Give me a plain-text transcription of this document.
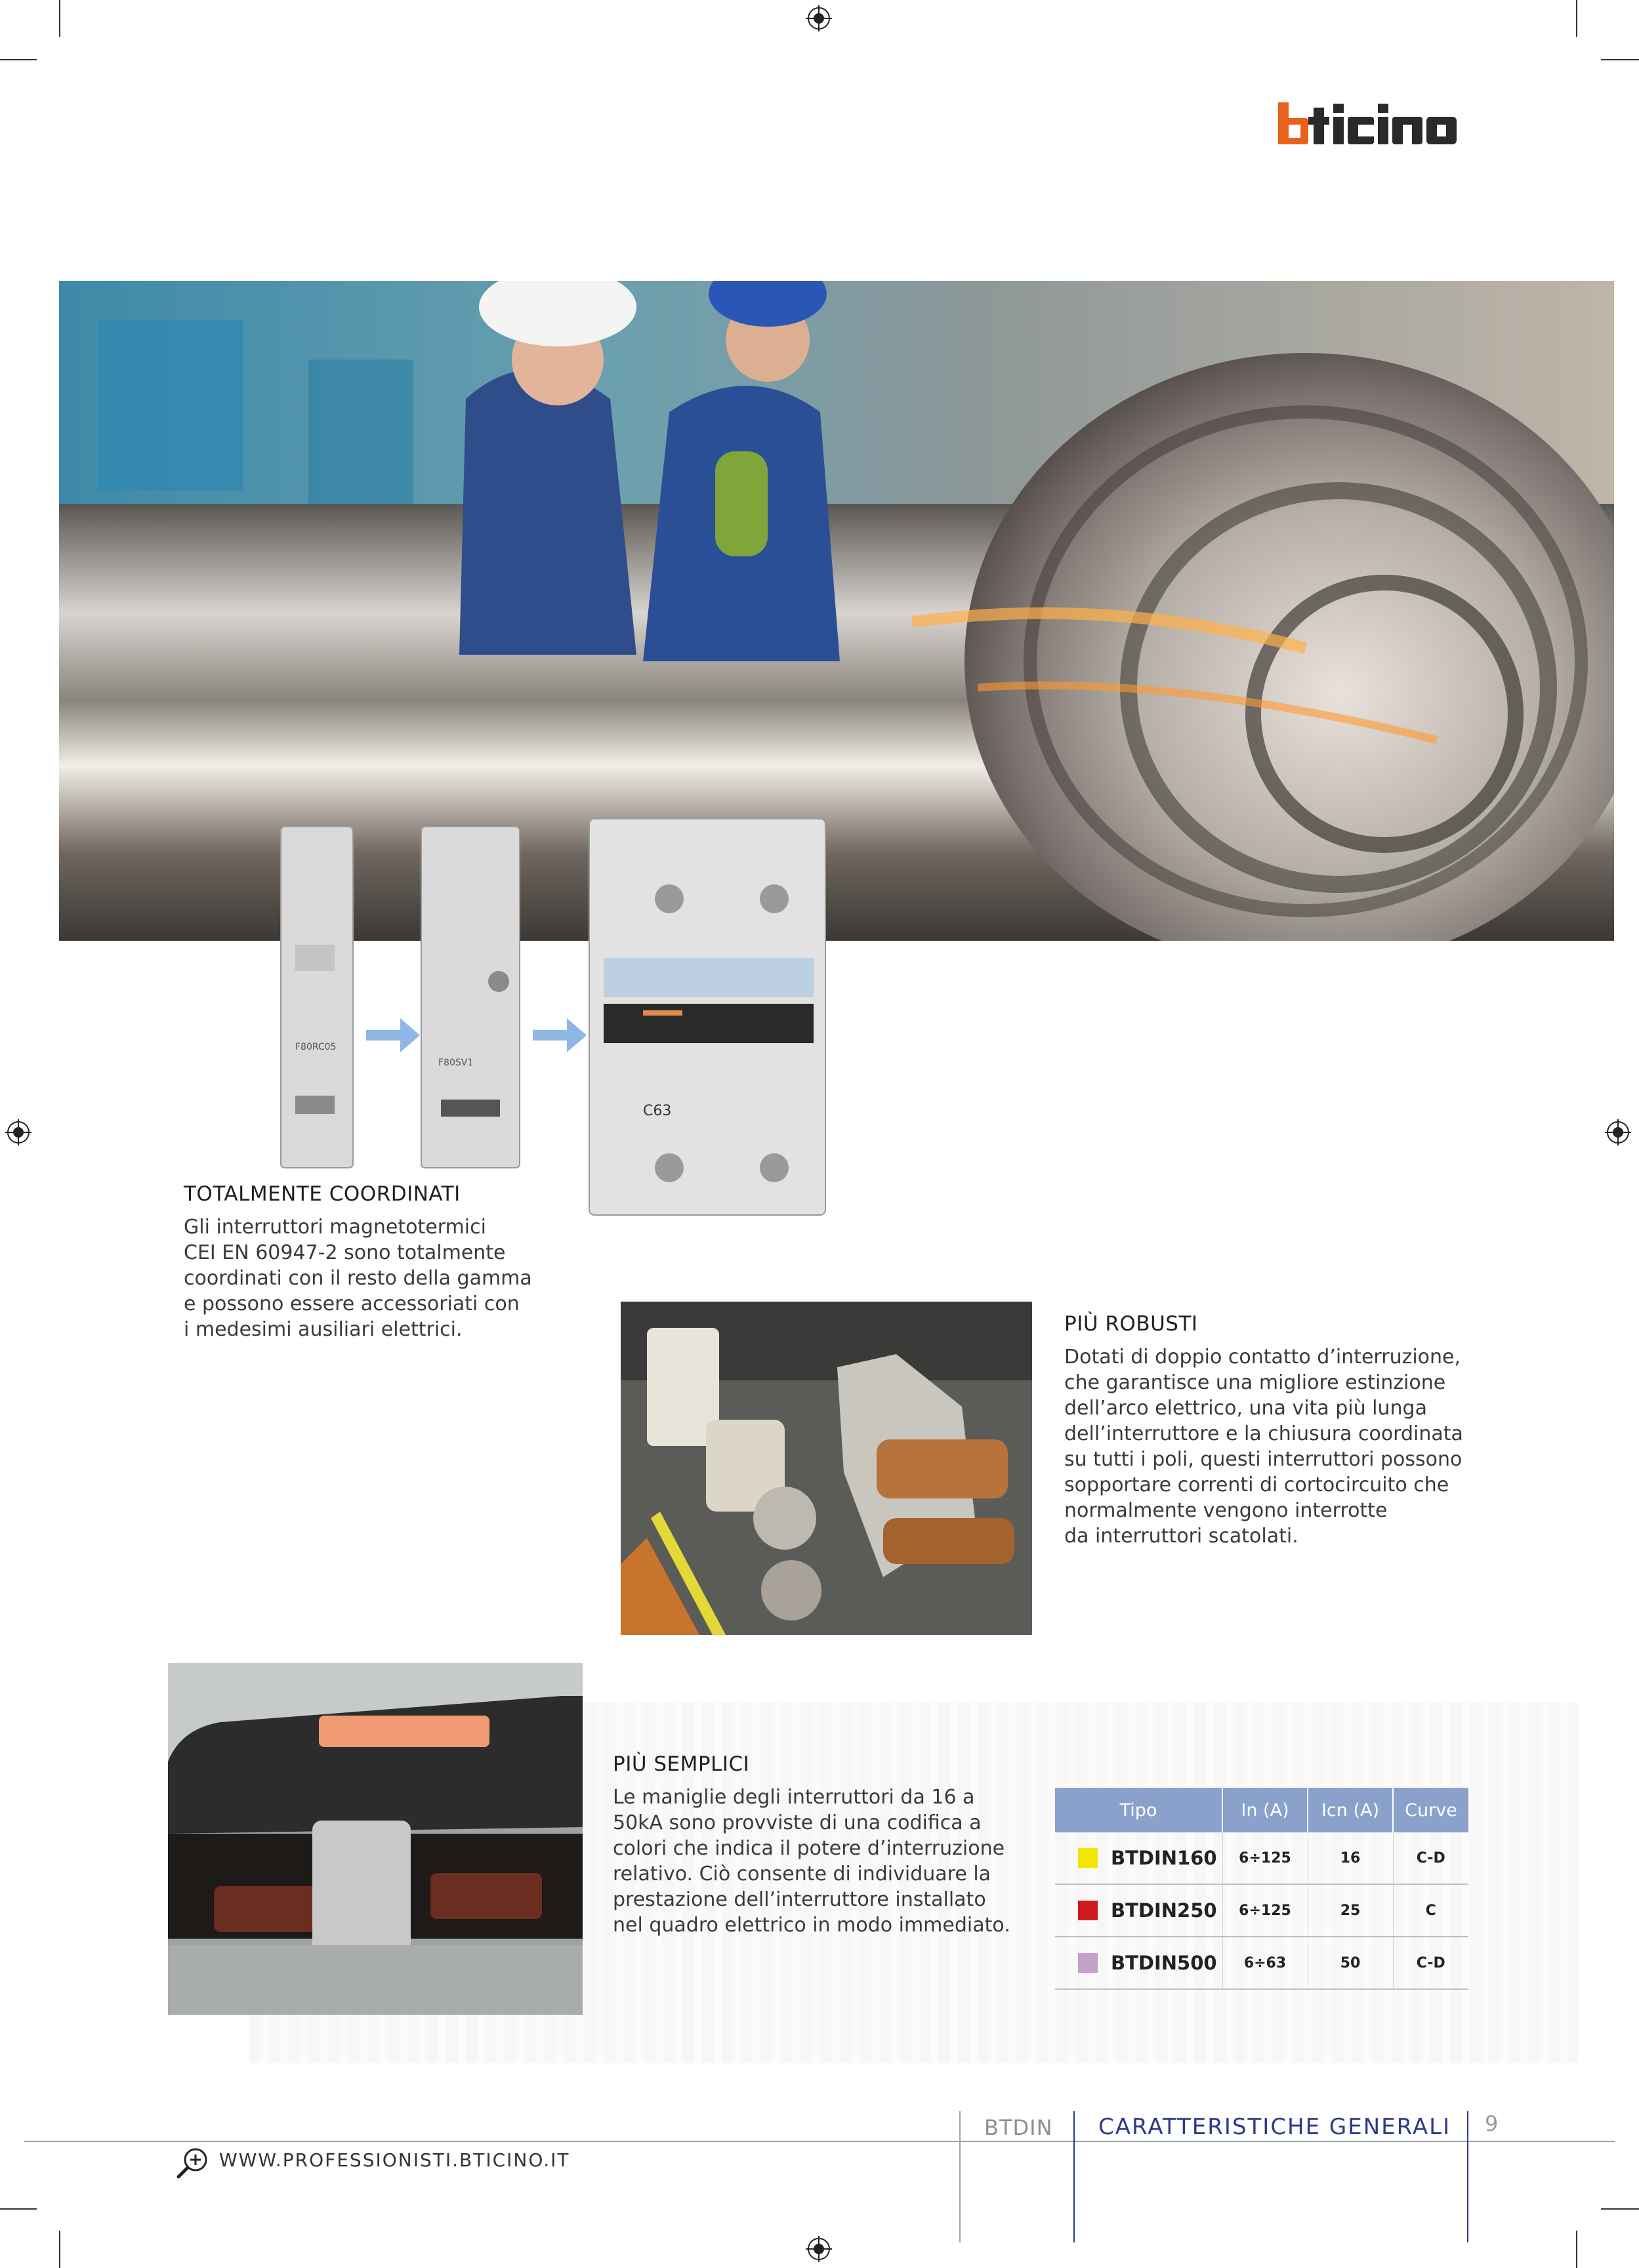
F80RC05
F80SV1
C63
TOTALMENTE COORDINATI

Gli interruttori magnetotermici

CEI EN 60947-2 sono totalmente

coordinati con il resto della gamma

e possono essere accessoriati con

i medesimi ausiliari elettrici.	PIÙ ROBUSTI

Dotati di doppio contatto d’interruzione,

che garantisce una migliore estinzione

dell’arco elettrico, una vita più lunga

dell’interruttore e la chiusura coordinata

su tutti i poli, questi interruttori possono

sopportare correnti di cortocircuito che

normalmente vengono interrotte

da interruttori scatolati.

PIÙ SEMPLICI

Le maniglie degli interruttori da 16 a

50kA sono provviste di una codifica a

colori che indica il potere d’interruzione

relativo. Ciò consente di individuare la

prestazione dell’interruttore installato

nel quadro elettrico in modo immediato.

Tipo	In (A)	Icn (A)	Curve

BTDIN160	6÷125	16	C-D

BTDIN250	6÷125	25	C

BTDIN500	6÷63	50	C-D
BTDIN CARATTERISTICHE GENERALI 9
WWW.PROFESSIONISTI.BTICINO.IT
